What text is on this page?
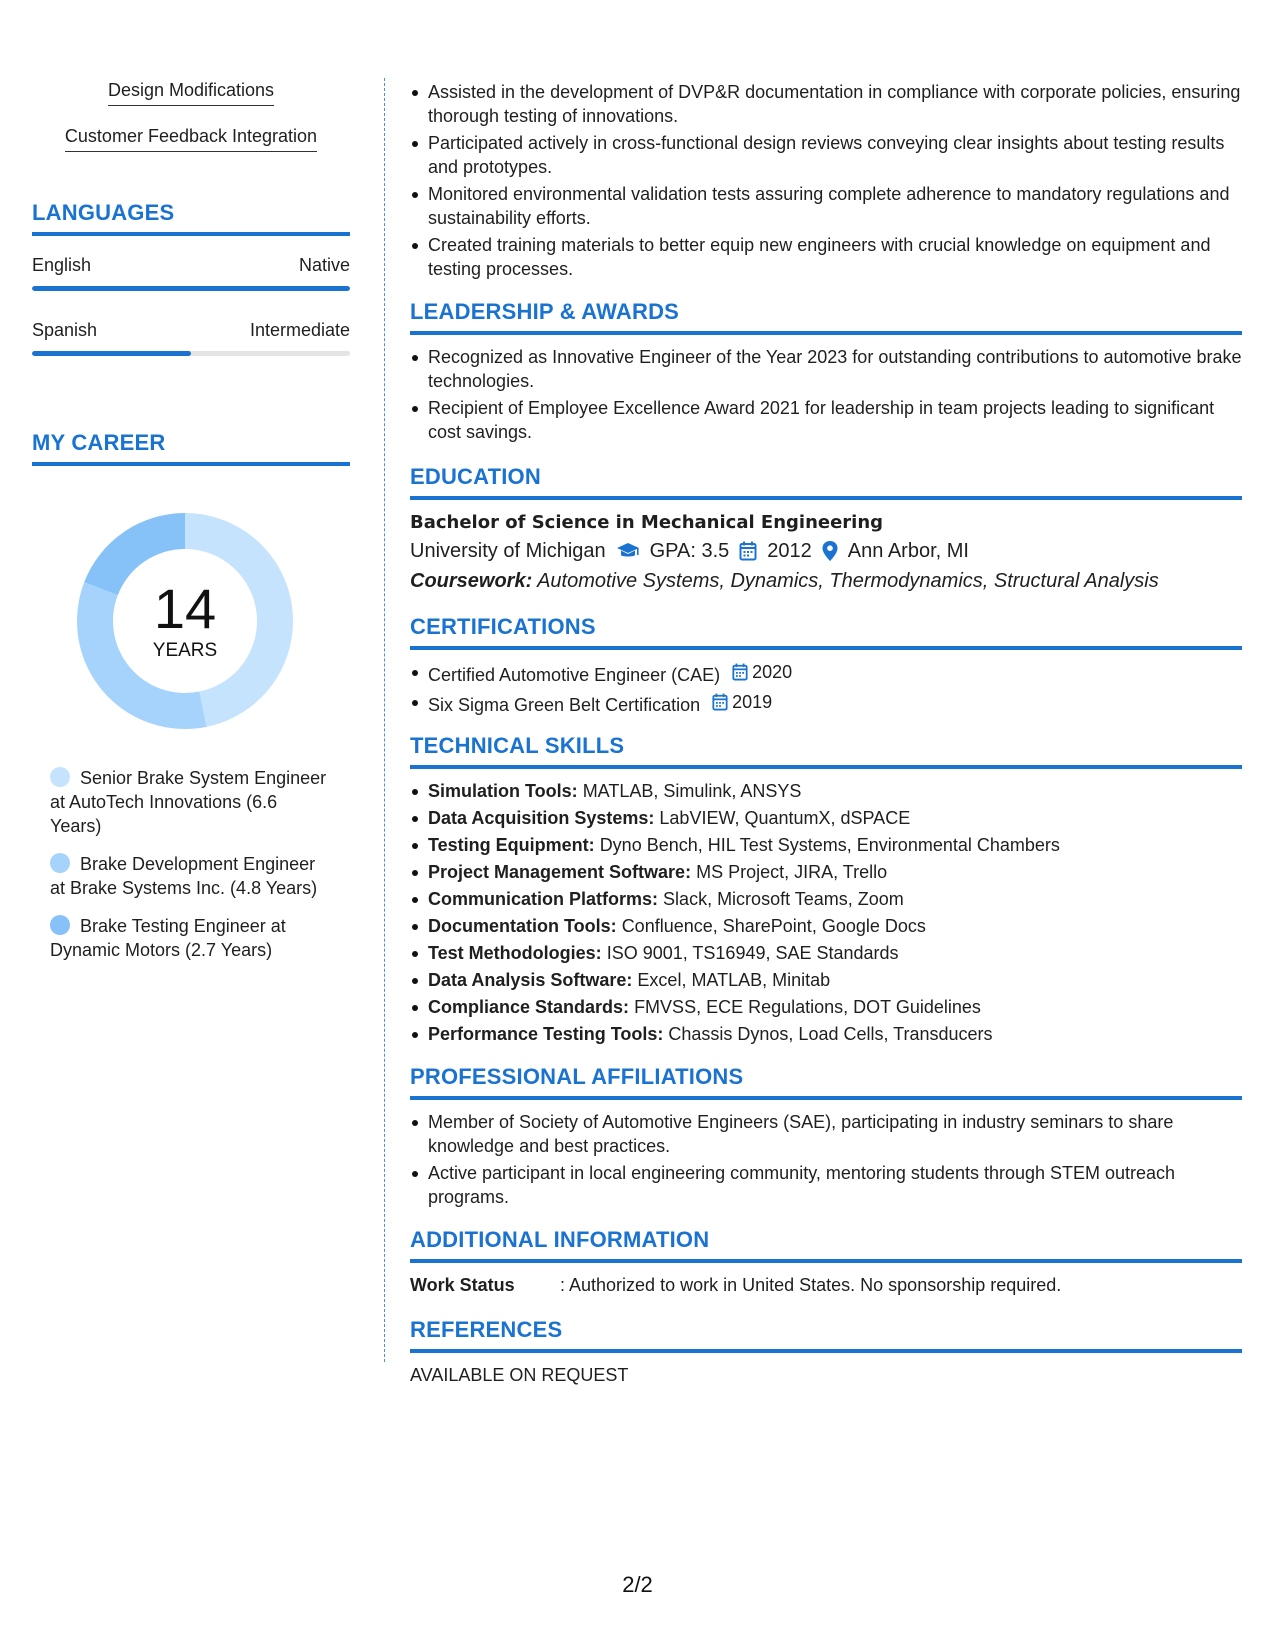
Design Modifications
Customer Feedback Integration
LANGUAGES
English	Native
Spanish	Intermediate
MY CAREER
14
YEARS
Senior Brake System Engineer at AutoTech Innovations (6.6 Years)
Brake Development Engineer at Brake Systems Inc. (4.8 Years)
Brake Testing Engineer at Dynamic Motors (2.7 Years)
Assisted in the development of DVP&R documentation in compliance with corporate policies, ensuring thorough testing of innovations.
Participated actively in cross-functional design reviews conveying clear insights about testing results and prototypes.
Monitored environmental validation tests assuring complete adherence to mandatory regulations and sustainability efforts.
Created training materials to better equip new engineers with crucial knowledge on equipment and testing processes.
LEADERSHIP & AWARDS
Recognized as Innovative Engineer of the Year 2023 for outstanding contributions to automotive brake technologies.
Recipient of Employee Excellence Award 2021 for leadership in team projects leading to significant cost savings.
EDUCATION
Bachelor of Science in Mechanical Engineering
University of Michigan GPA: 3.5 2012 Ann Arbor, MI
Coursework: Automotive Systems, Dynamics, Thermodynamics, Structural Analysis
CERTIFICATIONS
Certified Automotive Engineer (CAE) 2020
Six Sigma Green Belt Certification 2019
TECHNICAL SKILLS
Simulation Tools: MATLAB, Simulink, ANSYS
Data Acquisition Systems: LabVIEW, QuantumX, dSPACE
Testing Equipment: Dyno Bench, HIL Test Systems, Environmental Chambers
Project Management Software: MS Project, JIRA, Trello
Communication Platforms: Slack, Microsoft Teams, Zoom
Documentation Tools: Confluence, SharePoint, Google Docs
Test Methodologies: ISO 9001, TS16949, SAE Standards
Data Analysis Software: Excel, MATLAB, Minitab
Compliance Standards: FMVSS, ECE Regulations, DOT Guidelines
Performance Testing Tools: Chassis Dynos, Load Cells, Transducers
PROFESSIONAL AFFILIATIONS
Member of Society of Automotive Engineers (SAE), participating in industry seminars to share knowledge and best practices.
Active participant in local engineering community, mentoring students through STEM outreach programs.
ADDITIONAL INFORMATION
Work Status	: Authorized to work in United States. No sponsorship required.
REFERENCES
AVAILABLE ON REQUEST
2/2
